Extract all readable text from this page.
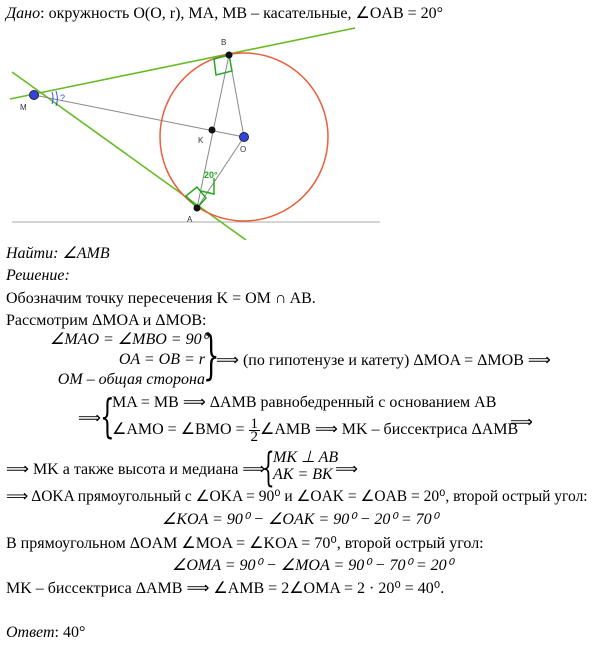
Дано: окружность O(O, r), MA, MB – касательные, ∠OAB = 20°
B
M
K
O
A
20°
?
Найти: ∠AMB
Решение:
Обозначим точку пересечения K = OM ∩ AB.
Рассмотрим ΔMOA и ΔMOB:
∠MAO = ∠MBO = 90⁰
OA = OB = r
OM – общая сторона
}
⟹ (по гипотенузе и катету) ΔMOA = ΔMOB ⟹
⟹ {
MA = MB ⟹ ΔAMB равнобедренный с основанием AB
∠AMO = ∠BMO = $\frac{1}{2}$ ∠AMB ⟹ MK – биссектриса ΔAMB
⟹
⟹ MK а также высота и медиана ⟹
{
MK ⊥ AB
AK = BK ⟹
⟹ ΔOKA прямоугольный с ∠OKA = 90⁰ и ∠OAK = ∠OAB = 20⁰, второй острый угол:
∠KOA = 90⁰ − ∠OAK = 90⁰ − 20⁰ = 70⁰
В прямоугольном ΔOAM ∠MOA = ∠KOA = 70⁰, второй острый угол:
∠OMA = 90⁰ − ∠MOA = 90⁰ − 70⁰ = 20⁰
MK – биссектриса ΔAMB ⟹ ∠AMB = 2∠OMA = 2 · 20⁰ = 40⁰.
Ответ: 40°
